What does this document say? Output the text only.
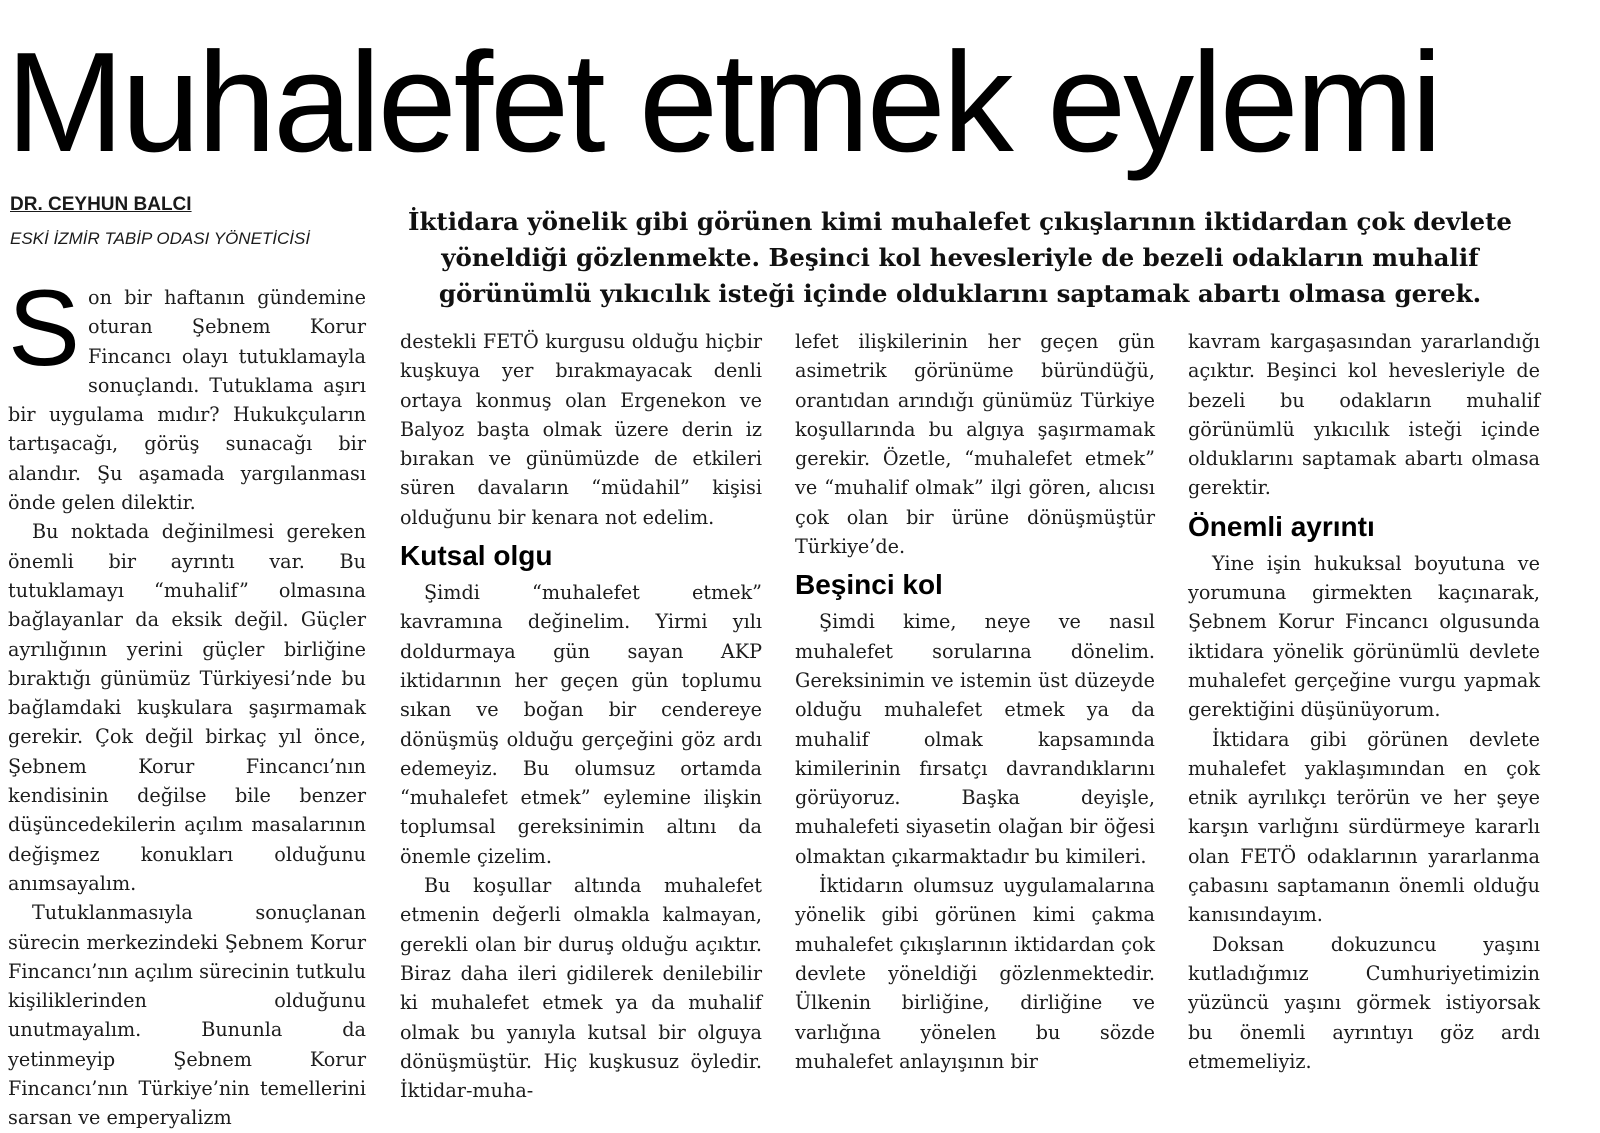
Muhalefet etmek eylemi
DR. CEYHUN BALCI
ESKİ İZMİR TABİP ODASI YÖNETİCİSİ

İktidara yönelik gibi görünen kimi muhalefet çıkışlarının iktidardan çok devlete yöneldiği gözlenmekte. Beşinci kol hevesleriyle de bezeli odakların muhalif görünümlü yıkıcılık isteği içinde olduklarını saptamak abartı olmasa gerek.

S on bir haftanın gündemine oturan Şebnem Korur Fincancı olayı tutuklamayla sonuçlandı. Tutuklama aşırı bir uygulama mıdır? Hukukçuların tartışacağı, görüş sunacağı bir alandır. Şu aşamada yargılanması önde gelen dilektir.

Bu noktada değinilmesi gereken önemli bir ayrıntı var. Bu tutuklamayı “muhalif” olmasına bağlayanlar da eksik değil. Güçler ayrılığının yerini güçler birliğine bıraktığı günümüz Türkiyesi’nde bu bağlamdaki kuşkulara şaşırmamak gerekir. Çok değil birkaç yıl önce, Şebnem Korur Fincancı’nın kendisinin değilse bile benzer düşüncedekilerin açılım masalarının değişmez konukları olduğunu anımsayalım.

Tutuklanmasıyla sonuçlanan sürecin merkezindeki Şebnem Korur Fincancı’nın açılım sürecinin tutkulu kişiliklerinden olduğunu unutmayalım. Bununla da yetinmeyip Şebnem Korur Fincancı’nın Türkiye’nin temellerini sarsan ve emperyalizm

destekli FETÖ kurgusu olduğu hiçbir kuşkuya yer bırakmayacak denli ortaya konmuş olan Ergenekon ve Balyoz başta olmak üzere derin iz bırakan ve günümüzde de etkileri süren davaların “müdahil” kişisi olduğunu bir kenara not edelim.

Kutsal olgu

Şimdi “muhalefet etmek” kavramına değinelim. Yirmi yılı doldurmaya gün sayan AKP iktidarının her geçen gün toplumu sıkan ve boğan bir cendereye dönüşmüş olduğu gerçeğini göz ardı edemeyiz. Bu olumsuz ortamda “muhalefet etmek” eylemine ilişkin toplumsal gereksinimin altını da önemle çizelim.

Bu koşullar altında muhalefet etmenin değerli olmakla kalmayan, gerekli olan bir duruş olduğu açıktır. Biraz daha ileri gidilerek denilebilir ki muhalefet etmek ya da muhalif olmak bu yanıyla kutsal bir olguya dönüşmüştür. Hiç kuşkusuz öyledir. İktidar-muha-

lefet ilişkilerinin her geçen gün asimetrik görünüme büründüğü, orantıdan arındığı günümüz Türkiye koşullarında bu algıya şaşırmamak gerekir. Özetle, “muhalefet etmek” ve “muhalif olmak” ilgi gören, alıcısı çok olan bir ürüne dönüşmüştür Türkiye’de.

Beşinci kol

Şimdi kime, neye ve nasıl muhalefet sorularına dönelim. Gereksinimin ve istemin üst düzeyde olduğu muhalefet etmek ya da muhalif olmak kapsamında kimilerinin fırsatçı davrandıklarını görüyoruz. Başka deyişle, muhalefeti siyasetin olağan bir öğesi olmaktan çıkarmaktadır bu kimileri.

İktidarın olumsuz uygulamalarına yönelik gibi görünen kimi çakma muhalefet çıkışlarının iktidardan çok devlete yöneldiği gözlenmektedir. Ülkenin birliğine, dirliğine ve varlığına yönelen bu sözde muhalefet anlayışının bir

kavram kargaşasından yararlandığı açıktır. Beşinci kol hevesleriyle de bezeli bu odakların muhalif görünümlü yıkıcılık isteği içinde olduklarını saptamak abartı olmasa gerektir.

Önemli ayrıntı

Yine işin hukuksal boyutuna ve yorumuna girmekten kaçınarak, Şebnem Korur Fincancı olgusunda iktidara yönelik görünümlü devlete muhalefet gerçeğine vurgu yapmak gerektiğini düşünüyorum.

İktidara gibi görünen devlete muhalefet yaklaşımından en çok etnik ayrılıkçı terörün ve her şeye karşın varlığını sürdürmeye kararlı olan FETÖ odaklarının yararlanma çabasını saptamanın önemli olduğu kanısındayım.

Doksan dokuzuncu yaşını kutladığımız Cumhuriyetimizin yüzüncü yaşını görmek istiyorsak bu önemli ayrıntıyı göz ardı etmemeliyiz.
